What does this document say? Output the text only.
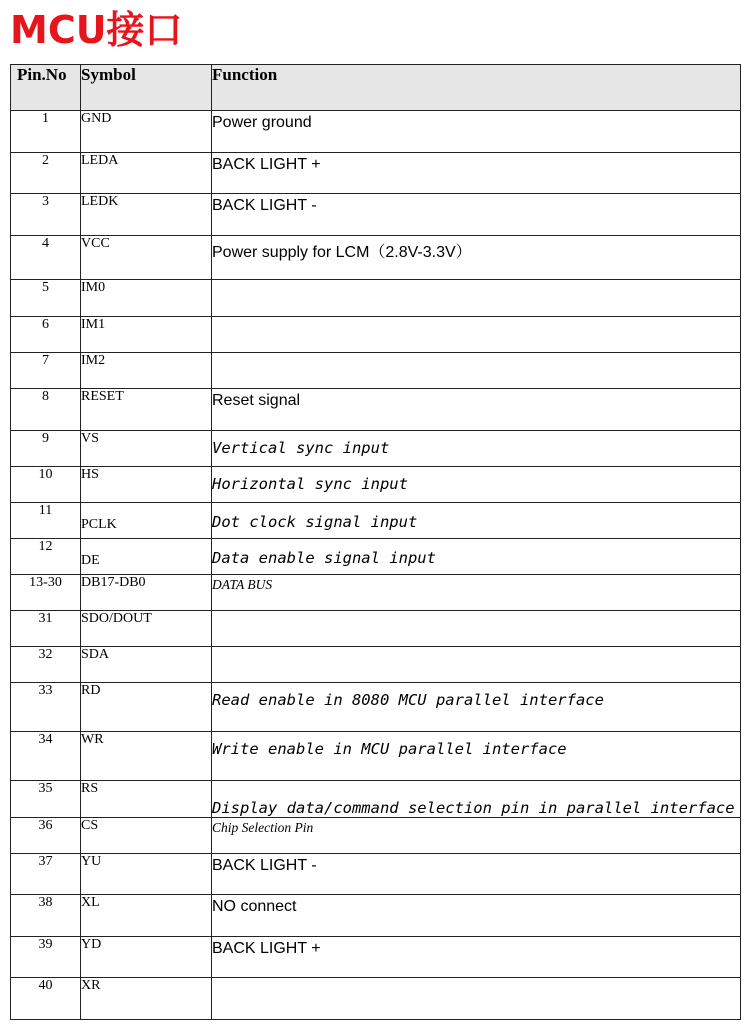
MCU接口
Pin.No	Symbol	Function
1	GND	Power ground

2	LEDA	BACK LIGHT +

3	LEDK	BACK LIGHT -

4	VCC	Power supply for LCM（2.8V-3.3V）

5	IM0	

6	IM1	

7	IM2	

8	RESET	Reset signal

9	VS	Vertical sync input

10	HS	Horizontal sync input

11	PCLK	Dot clock signal input

12	DE	Data enable signal input

13-30	DB17-DB0	DATA BUS

31	SDO/DOUT	

32	SDA	

33	RD	Read enable in 8080 MCU parallel interface

34	WR	Write enable in MCU parallel interface

35	RS	Display data/command selection pin in parallel interface

36	CS	Chip Selection Pin

37	YU	BACK LIGHT -

38	XL	NO connect

39	YD	BACK LIGHT +

40	XR	
